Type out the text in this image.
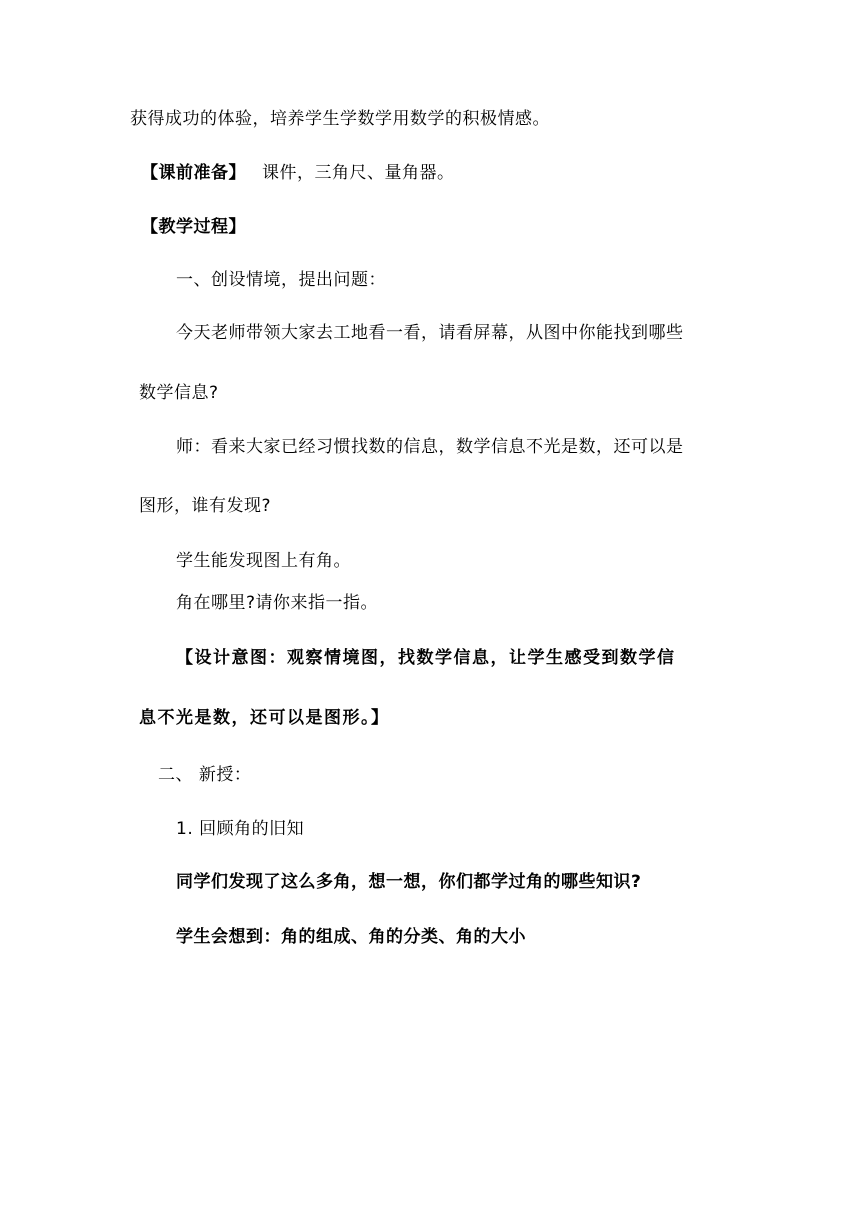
获得成功的体验，培养学生学数学用数学的积极情感。
【课前准备】 课件，三角尺、量角器。
【教学过程】
一、创设情境，提出问题：
今天老师带领大家去工地看一看，请看屏幕，从图中你能找到哪些
数学信息?
师：看来大家已经习惯找数的信息，数学信息不光是数，还可以是
图形，谁有发现?
学生能发现图上有角。
角在哪里?请你来指一指。
【设计意图：观察情境图，找数学信息，让学生感受到数学信
息不光是数，还可以是图形。】
二、 新授：
1. 回顾角的旧知
同学们发现了这么多角，想一想，你们都学过角的哪些知识?
学生会想到：角的组成、角的分类、角的大小
